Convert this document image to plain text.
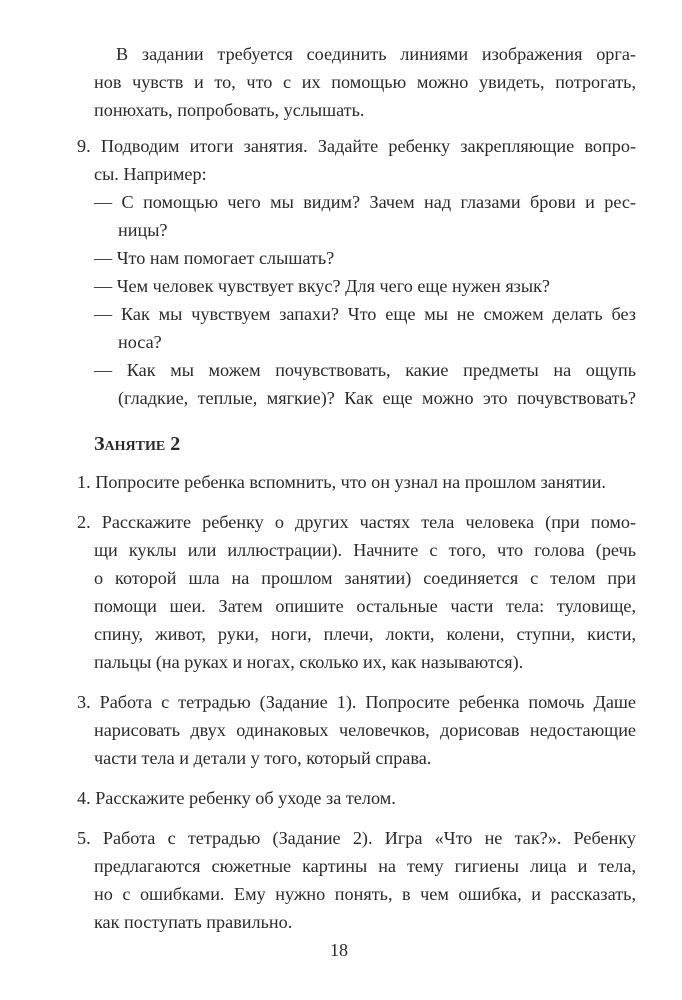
В задании требуется соединить линиями изображения орга-
нов чувств и то, что с их помощью можно увидеть, потрогать,
понюхать, попробовать, услышать.
9. Подводим итоги занятия. Задайте ребенку закрепляющие вопро-
сы. Например:
— С помощью чего мы видим? Зачем над глазами брови и рес-
ницы?
— Что нам помогает слышать?
— Чем человек чувствует вкус? Для чего еще нужен язык?
— Как мы чувствуем запахи? Что еще мы не сможем делать без
носа?
— Как мы можем почувствовать, какие предметы на ощупь
(гладкие, теплые, мягкие)? Как еще можно это почувствовать?
Занятие 2
1. Попросите ребенка вспомнить, что он узнал на прошлом занятии.
2. Расскажите ребенку о других частях тела человека (при помо-
щи куклы или иллюстрации). Начните с того, что голова (речь
о которой шла на прошлом занятии) соединяется с телом при
помощи шеи. Затем опишите остальные части тела: туловище,
спину, живот, руки, ноги, плечи, локти, колени, ступни, кисти,
пальцы (на руках и ногах, сколько их, как называются).
3. Работа с тетрадью (Задание 1). Попросите ребенка помочь Даше
нарисовать двух одинаковых человечков, дорисовав недостающие
части тела и детали у того, который справа.
4. Расскажите ребенку об уходе за телом.
5. Работа с тетрадью (Задание 2). Игра «Что не так?». Ребенку
предлагаются сюжетные картины на тему гигиены лица и тела,
но с ошибками. Ему нужно понять, в чем ошибка, и рассказать,
как поступать правильно.
18
